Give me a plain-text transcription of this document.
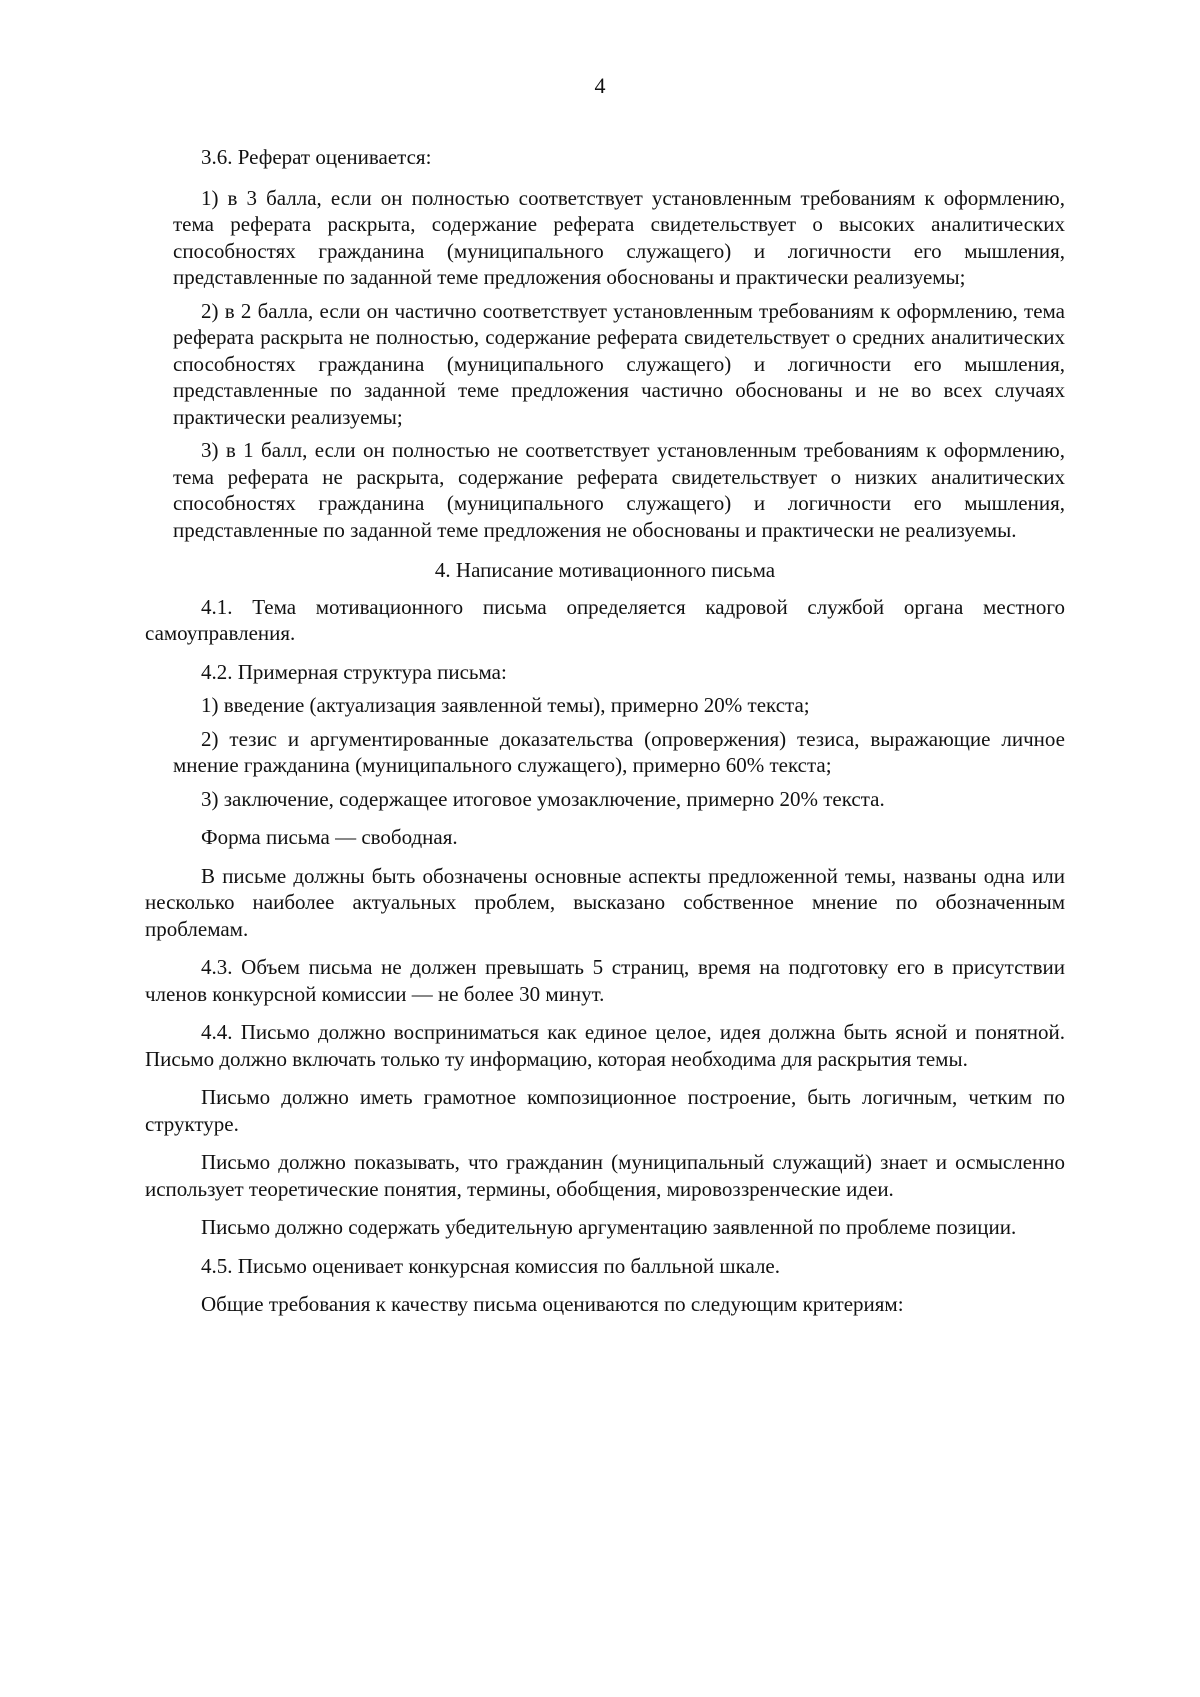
4

3.6. Реферат оценивается:

1) в 3 балла, если он полностью соответствует установленным требованиям к оформлению, тема реферата раскрыта, содержание реферата свидетельствует о высоких аналитических способностях гражданина (муниципального служащего) и логичности его мышления, представленные по заданной теме предложения обоснованы и практически реализуемы;

2) в 2 балла, если он частично соответствует установленным требованиям к оформлению, тема реферата раскрыта не полностью, содержание реферата свидетельствует о средних аналитических способностях гражданина (муниципального служащего) и логичности его мышления, представленные по заданной теме предложения частично обоснованы и не во всех случаях практически реализуемы;

3) в 1 балл, если он полностью не соответствует установленным требованиям к оформлению, тема реферата не раскрыта, содержание реферата свидетельствует о низких аналитических способностях гражданина (муниципального служащего) и логичности его мышления, представленные по заданной теме предложения не обоснованы и практически не реализуемы.

4. Написание мотивационного письма

4.1. Тема мотивационного письма определяется кадровой службой органа местного самоуправления.

4.2. Примерная структура письма:

1) введение (актуализация заявленной темы), примерно 20% текста;

2) тезис и аргументированные доказательства (опровержения) тезиса, выражающие личное мнение гражданина (муниципального служащего), примерно 60% текста;

3) заключение, содержащее итоговое умозаключение, примерно 20% текста.

Форма письма — свободная.

В письме должны быть обозначены основные аспекты предложенной темы, названы одна или несколько наиболее актуальных проблем, высказано собственное мнение по обозначенным проблемам.

4.3. Объем письма не должен превышать 5 страниц, время на подготовку его в присутствии членов конкурсной комиссии — не более 30 минут.

4.4. Письмо должно восприниматься как единое целое, идея должна быть ясной и понятной. Письмо должно включать только ту информацию, которая необходима для раскрытия темы.

Письмо должно иметь грамотное композиционное построение, быть логичным, четким по структуре.

Письмо должно показывать, что гражданин (муниципальный служащий) знает и осмысленно использует теоретические понятия, термины, обобщения, мировоззренческие идеи.

Письмо должно содержать убедительную аргументацию заявленной по проблеме позиции.

4.5. Письмо оценивает конкурсная комиссия по балльной шкале.

Общие требования к качеству письма оцениваются по следующим критериям:
